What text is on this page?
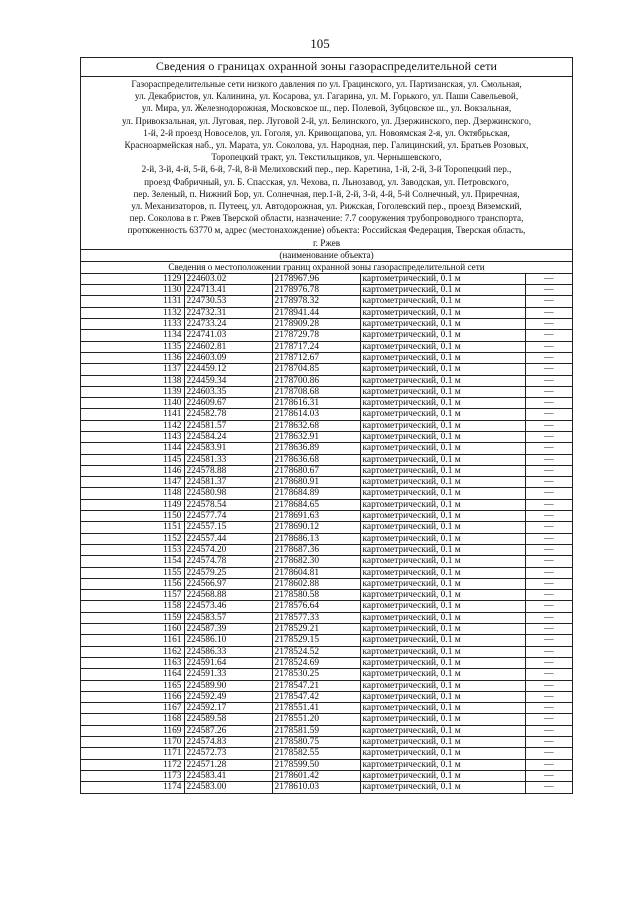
105
Сведения о границах охранной зоны газораспределительной сети
Газораспределительные сети низкого давления по ул. Грацинского, ул. Партизанская, ул. Смольная,
ул. Декабристов, ул. Калинина, ул. Косарова, ул. Гагарина, ул. М. Горького, ул. Паши Савельевой,
ул. Мира, ул. Железнодорожная, Московское ш., пер. Полевой, Зубцовское ш., ул. Вокзальная,
ул. Привокзальная, ул. Луговая, пер. Луговой 2-й, ул. Белинского, ул. Дзержинского, пер. Дзержинского,
1-й, 2-й проезд Новоселов, ул. Гоголя, ул. Кривощапова, ул. Новоямская 2-я, ул. Октябрьская,
Красноармейская наб., ул. Марата, ул. Соколова, ул. Народная, пер. Галицинский, ул. Братьев Розовых,
Торопецкий тракт, ул. Текстильщиков, ул. Чернышевского,
2-й, 3-й, 4-й, 5-й, 6-й, 7-й, 8-й Мелиховский пер., пер. Каретина, 1-й, 2-й, 3-й Торопецкий пер.,
проезд Фабричный, ул. Б. Спасская, ул. Чехова, п. Льнозавод, ул. Заводская, ул. Петровского,
пер. Зеленый, п. Нижний Бор, ул. Солнечная, пер.1-й, 2-й, 3-й, 4-й, 5-й Солнечный, ул. Приречная,
ул. Механизаторов, п. Путеец, ул. Автодорожная, ул. Рижская, Гоголевский пер., проезд Вяземский,
пер. Соколова в г. Ржев Тверской области, назначение: 7.7 сооружения трубопроводного транспорта,
протяженность 63770 м, адрес (местонахождение) объекта: Российская Федерация, Тверская область,
г. Ржев
(наименование объекта)
Сведения о местоположении границ охранной зоны газораспределительной сети
1129	224603.02	2178967.96	картометрический, 0.1 м	—
1130	224713.41	2178976.78	картометрический, 0.1 м	—
1131	224730.53	2178978.32	картометрический, 0.1 м	—
1132	224732.31	2178941.44	картометрический, 0.1 м	—
1133	224733.24	2178909.28	картометрический, 0.1 м	—
1134	224741.03	2178729.78	картометрический, 0.1 м	—
1135	224602.81	2178717.24	картометрический, 0.1 м	—
1136	224603.09	2178712.67	картометрический, 0.1 м	—
1137	224459.12	2178704.85	картометрический, 0.1 м	—
1138	224459.34	2178700.86	картометрический, 0.1 м	—
1139	224603.35	2178708.68	картометрический, 0.1 м	—
1140	224609.67	2178616.31	картометрический, 0.1 м	—
1141	224582.78	2178614.03	картометрический, 0.1 м	—
1142	224581.57	2178632.68	картометрический, 0.1 м	—
1143	224584.24	2178632.91	картометрический, 0.1 м	—
1144	224583.91	2178636.89	картометрический, 0.1 м	—
1145	224581.33	2178636.68	картометрический, 0.1 м	—
1146	224578.88	2178680.67	картометрический, 0.1 м	—
1147	224581.37	2178680.91	картометрический, 0.1 м	—
1148	224580.98	2178684.89	картометрический, 0.1 м	—
1149	224578.54	2178684.65	картометрический, 0.1 м	—
1150	224577.74	2178691.63	картометрический, 0.1 м	—
1151	224557.15	2178690.12	картометрический, 0.1 м	—
1152	224557.44	2178686.13	картометрический, 0.1 м	—
1153	224574.20	2178687.36	картометрический, 0.1 м	—
1154	224574.78	2178682.30	картометрический, 0.1 м	—
1155	224579.25	2178604.81	картометрический, 0.1 м	—
1156	224566.97	2178602.88	картометрический, 0.1 м	—
1157	224568.88	2178580.58	картометрический, 0.1 м	—
1158	224573.46	2178576.64	картометрический, 0.1 м	—
1159	224583.57	2178577.33	картометрический, 0.1 м	—
1160	224587.39	2178529.21	картометрический, 0.1 м	—
1161	224586.10	2178529.15	картометрический, 0.1 м	—
1162	224586.33	2178524.52	картометрический, 0.1 м	—
1163	224591.64	2178524.69	картометрический, 0.1 м	—
1164	224591.33	2178530.25	картометрический, 0.1 м	—
1165	224589.90	2178547.21	картометрический, 0.1 м	—
1166	224592.49	2178547.42	картометрический, 0.1 м	—
1167	224592.17	2178551.41	картометрический, 0.1 м	—
1168	224589.58	2178551.20	картометрический, 0.1 м	—
1169	224587.26	2178581.59	картометрический, 0.1 м	—
1170	224574.83	2178580.75	картометрический, 0.1 м	—
1171	224572.73	2178582.55	картометрический, 0.1 м	—
1172	224571.28	2178599.50	картометрический, 0.1 м	—
1173	224583.41	2178601.42	картометрический, 0.1 м	—
1174	224583.00	2178610.03	картометрический, 0.1 м	—
